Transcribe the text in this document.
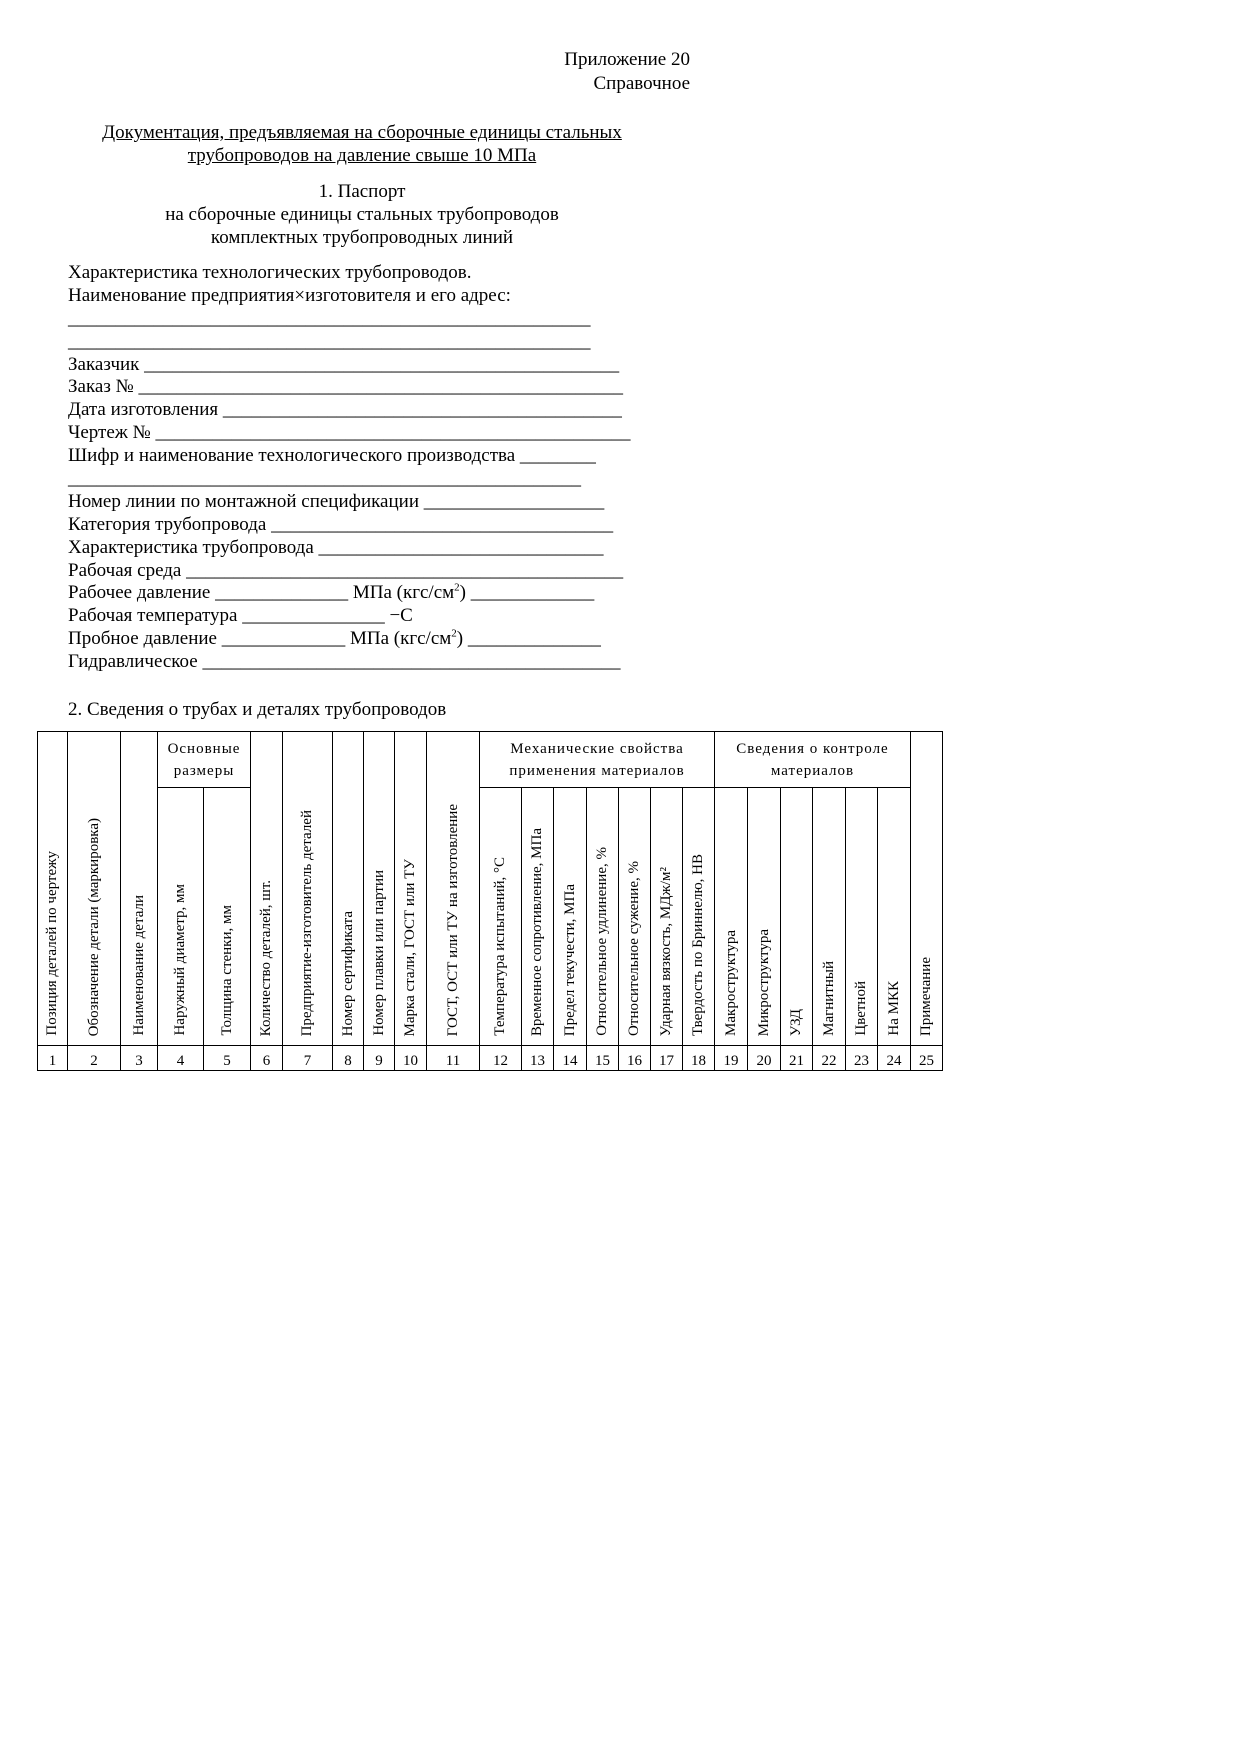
Приложение 20
Справочное
Документация, предъявляемая на сборочные единицы стальных
трубопроводов на давление свыше 10 МПа
1. Паспорт
на сборочные единицы стальных трубопроводов
комплектных трубопроводных линий
Характеристика технологических трубопроводов.
Наименование предприятия×изготовителя и его адрес:
_______________________________________________________
_______________________________________________________
Заказчик __________________________________________________
Заказ № ___________________________________________________
Дата изготовления __________________________________________
Чертеж № __________________________________________________
Шифр и наименование технологического производства ________
______________________________________________________
Номер линии по монтажной спецификации ___________________
Категория трубопровода ____________________________________
Характеристика трубопровода ______________________________
Рабочая среда ______________________________________________
Рабочее давление ______________ МПа $(кгс/см^2)$ _____________
Рабочая температура _______________ −С
Пробное давление _____________ МПа $(кгс/см^2)$ ______________
Гидравлическое ____________________________________________
2. Сведения о трубах и деталях трубопроводов
Позиция деталей по чертежу	Обозначение детали (маркировка)	Наименование детали	Основные размеры		Количество деталей, шт.	Предприятие-изготовитель деталей	Номер сертификата	Номер плавки или партии	Марка стали, ГОСТ или ТУ	ГОСТ, ОСТ или ТУ на изготовление	Механические свойства применения материалов							Сведения о контроле материалов						Примечание
			Наружный диаметр, мм	Толщина стенки, мм							Температура испытаний, °С	Временное сопротивление, МПа	Предел текучести, МПа	Относительное удлинение, %	Относительное сужение, %	Ударная вязкость, МДж/м²	Твердость по Бриннелю, НВ	Макроструктура	Микроструктура	УЗД	Магнитный	Цветной	На МКК	
1	2	3	4	5	6	7	8	9	10	11	12	13	14	15	16	17	18	19	20	21	22	23	24	25
